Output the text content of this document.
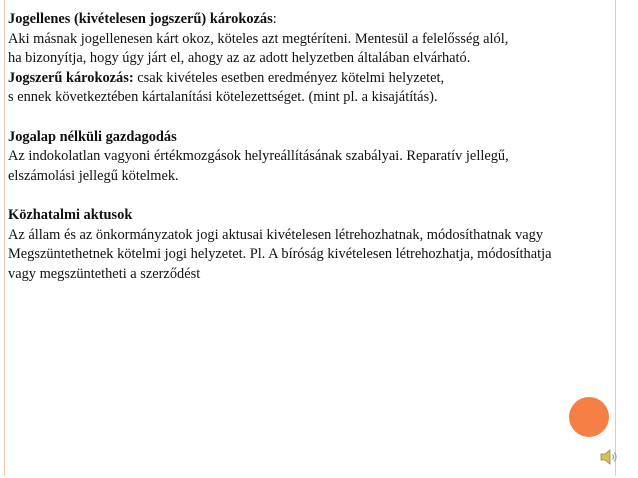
Jogellenes (kivételesen jogszerű) károkozás:
Aki másnak jogellenesen kárt okoz, köteles azt megtéríteni. Mentesül a felelősség alól,
ha bizonyítja, hogy úgy járt el, ahogy az az adott helyzetben általában elvárható.
Jogszerű károkozás: csak kivételes esetben eredményez kötelmi helyzetet,
s ennek következtében kártalanítási kötelezettséget. (mint pl. a kisajátítás).
Jogalap nélküli gazdagodás
Az indokolatlan vagyoni értékmozgások helyreállításának szabályai. Reparatív jellegű,
elszámolási jellegű kötelmek.
Közhatalmi aktusok
Az állam és az önkormányzatok jogi aktusai kivételesen létrehozhatnak, módosíthatnak vagy
Megszüntethetnek kötelmi jogi helyzetet. Pl. A bíróság kivételesen létrehozhatja, módosíthatja
vagy megszüntetheti a szerződést
